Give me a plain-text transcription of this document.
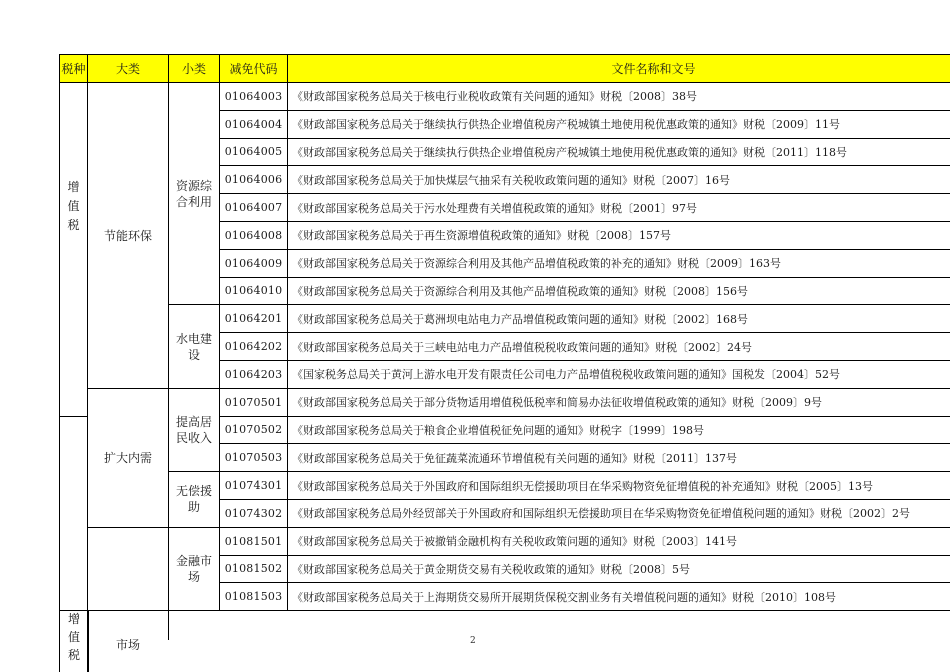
税种	大类	小类	减免代码	文件名称和文号
增值税	节能环保	资源综合利用	01064003	《财政部国家税务总局关于核电行业税收政策有关问题的通知》财税〔2008〕38号
			01064004	《财政部国家税务总局关于继续执行供热企业增值税房产税城镇土地使用税优惠政策的通知》财税〔2009〕11号
			01064005	《财政部国家税务总局关于继续执行供热企业增值税房产税城镇土地使用税优惠政策的通知》财税〔2011〕118号
			01064006	《财政部国家税务总局关于加快煤层气抽采有关税收政策问题的通知》财税〔2007〕16号
			01064007	《财政部国家税务总局关于污水处理费有关增值税政策的通知》财税〔2001〕97号
			01064008	《财政部国家税务总局关于再生资源增值税政策的通知》财税〔2008〕157号
			01064009	《财政部国家税务总局关于资源综合利用及其他产品增值税政策的补充的通知》财税〔2009〕163号
			01064010	《财政部国家税务总局关于资源综合利用及其他产品增值税政策的通知》财税〔2008〕156号
		水电建设	01064201	《财政部国家税务总局关于葛洲坝电站电力产品增值税政策问题的通知》财税〔2002〕168号
			01064202	《财政部国家税务总局关于三峡电站电力产品增值税税收政策问题的通知》财税〔2002〕24号
			01064203	《国家税务总局关于黄河上游水电开发有限责任公司电力产品增值税税收政策问题的通知》国税发〔2004〕52号
	扩大内需	提高居民收入	01070501	《财政部国家税务总局关于部分货物适用增值税低税率和简易办法征收增值税政策的通知》财税〔2009〕9号
			01070502	《财政部国家税务总局关于粮食企业增值税征免问题的通知》财税字〔1999〕198号
			01070503	《财政部国家税务总局关于免征蔬菜流通环节增值税有关问题的通知》财税〔2011〕137号
		无偿援助	01074301	《财政部国家税务总局关于外国政府和国际组织无偿援助项目在华采购物资免征增值税的补充通知》财税〔2005〕13号
			01074302	《财政部国家税务总局外经贸部关于外国政府和国际组织无偿援助项目在华采购物资免征增值税问题的通知》财税〔2002〕2号
		金融市场	01081501	《财政部国家税务总局关于被撤销金融机构有关税收政策问题的通知》财税〔2003〕141号
			01081502	《财政部国家税务总局关于黄金期货交易有关税收政策的通知》财税〔2008〕5号
			01081503	《财政部国家税务总局关于上海期货交易所开展期货保税交割业务有关增值税问题的通知》财税〔2010〕108号
增值税
市场	2
